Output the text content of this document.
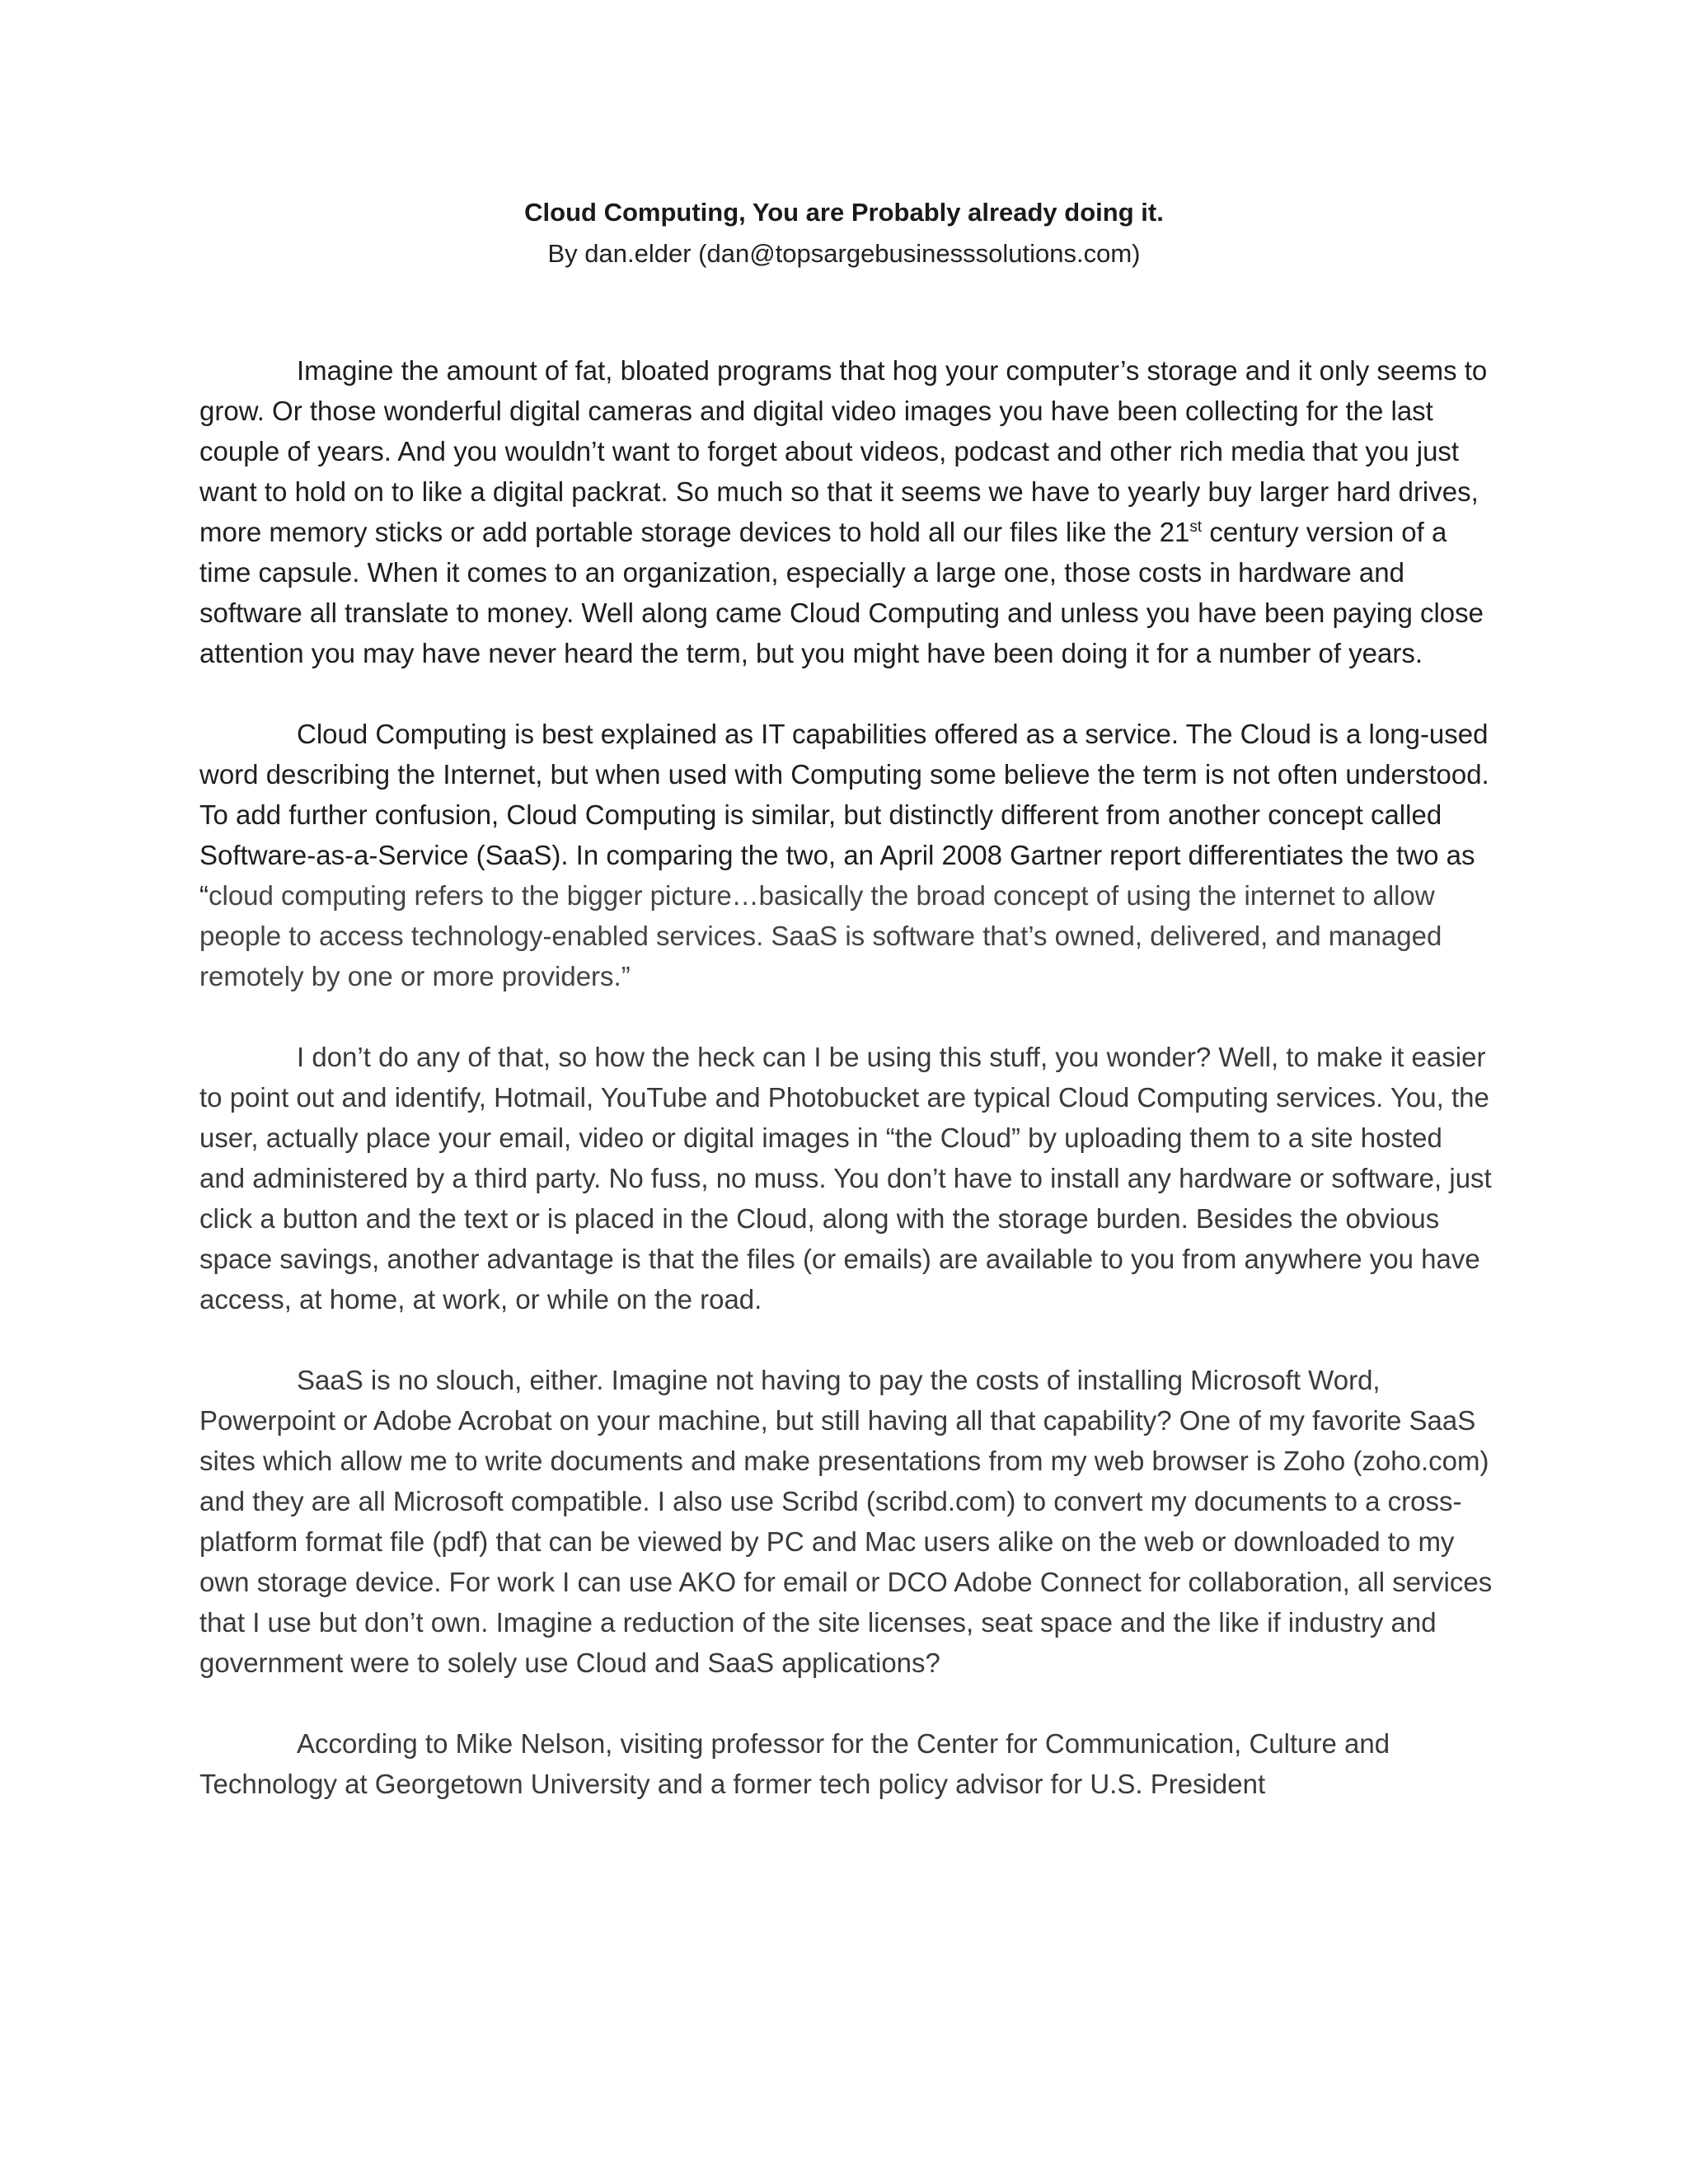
Cloud Computing, You are Probably already doing it.
By dan.elder (dan@topsargebusinesssolutions.com)

Imagine the amount of fat, bloated programs that hog your computer’s storage and it only seems to grow. Or those wonderful digital cameras and digital video images you have been collecting for the last couple of years. And you wouldn’t want to forget about videos, podcast and other rich media that you just want to hold on to like a digital packrat. So much so that it seems we have to yearly buy larger hard drives, more memory sticks or add portable storage devices to hold all our files like the 21st century version of a time capsule. When it comes to an organization, especially a large one, those costs in hardware and software all translate to money. Well along came Cloud Computing and unless you have been paying close attention you may have never heard the term, but you might have been doing it for a number of years.

Cloud Computing is best explained as IT capabilities offered as a service. The Cloud is a long-used word describing the Internet, but when used with Computing some believe the term is not often understood. To add further confusion, Cloud Computing is similar, but distinctly different from another concept called Software-as-a-Service (SaaS). In comparing the two, an April 2008 Gartner report differentiates the two as “cloud computing refers to the bigger picture…basically the broad concept of using the internet to allow people to access technology-enabled services. SaaS is software that’s owned, delivered, and managed remotely by one or more providers.”

I don’t do any of that, so how the heck can I be using this stuff, you wonder? Well, to make it easier to point out and identify, Hotmail, YouTube and Photobucket are typical Cloud Computing services. You, the user, actually place your email, video or digital images in “the Cloud” by uploading them to a site hosted and administered by a third party. No fuss, no muss. You don’t have to install any hardware or software, just click a button and the text or is placed in the Cloud, along with the storage burden. Besides the obvious space savings, another advantage is that the files (or emails) are available to you from anywhere you have access, at home, at work, or while on the road.

SaaS is no slouch, either. Imagine not having to pay the costs of installing Microsoft Word, Powerpoint or Adobe Acrobat on your machine, but still having all that capability? One of my favorite SaaS sites which allow me to write documents and make presentations from my web browser is Zoho (zoho.com) and they are all Microsoft compatible. I also use Scribd (scribd.com) to convert my documents to a cross-platform format file (pdf) that can be viewed by PC and Mac users alike on the web or downloaded to my own storage device. For work I can use AKO for email or DCO Adobe Connect for collaboration, all services that I use but don’t own. Imagine a reduction of the site licenses, seat space and the like if industry and government were to solely use Cloud and SaaS applications?

According to Mike Nelson, visiting professor for the Center for Communication, Culture and Technology at Georgetown University and a former tech policy advisor for U.S. President
